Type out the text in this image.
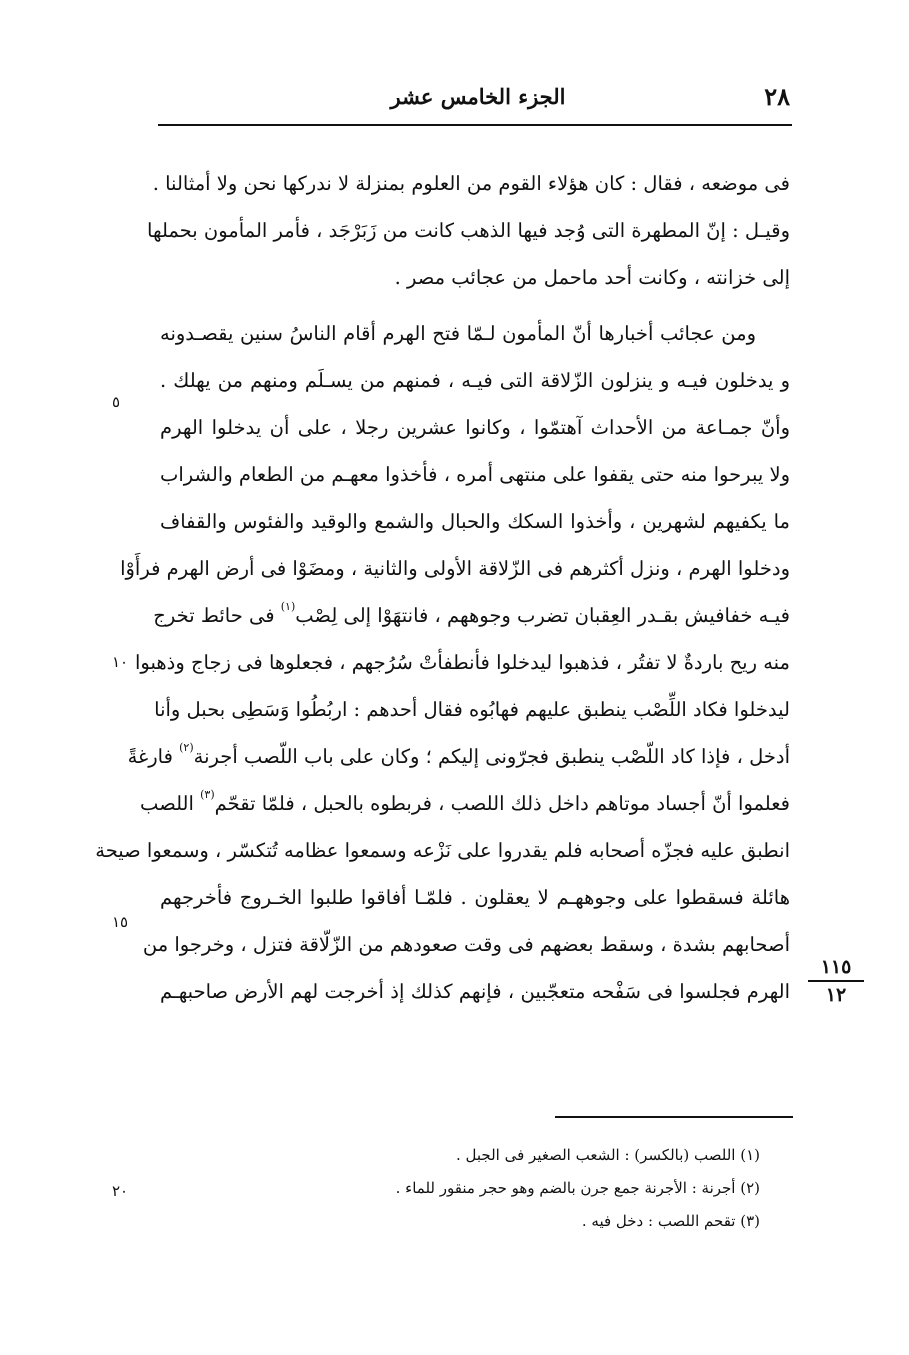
٢٨
الجزء الخامس عشر
فى موضعه ، فقال : كان هؤلاء القوم من العلوم بمنزلة لا ندركها نحن ولا أمثالنا .
وقيـل : إنّ المطهرة التى وُجد فيها الذهب كانت من زَبَرْجَد ، فأمر المأمون بحملها
إلى خزانته ، وكانت أحد ماحمل من عجائب مصر .
ومن عجائب أخبارها أنّ المأمون لـمّا فتح الهرم أقام الناسُ سنين يقصـدونه
و يدخلون فيـه و ينزلون الزّلاقة التى فيـه ، فمنهم من يسـلَم ومنهم من يهلك .
وأنّ جمـاعة من الأحداث آهتمّوا ، وكانوا عشرين رجلا ، على أن يدخلوا الهرم
ولا يبرحوا منه حتى يقفوا على منتهى أمره ، فأخذوا معهـم من الطعام والشراب
ما يكفيهم لشهرين ، وأخذوا السكك والحبال والشمع والوقيد والفئوس والقفاف
ودخلوا الهرم ، ونزل أكثرهم فى الزّلاقة الأولى والثانية ، ومضَوْا فى أرض الهرم فرأَوْا
فيـه خفافيش بقـدر العِقبان تضرب وجوههم ، فانتهَوْا إلى لِصْب$^{(١)}$ فى حائط تخرج
منه ريح باردةٌ لا تفتُر ، فذهبوا ليدخلوا فأنطفأتْ سُرُجهم ، فجعلوها فى زجاج وذهبوا
ليدخلوا فكاد اللِّصْب ينطبق عليهم فهابُوه فقال أحدهم : اربُطُوا وَسَطِى بحبل وأنا
أدخل ، فإذا كاد اللّصْب ينطبق فجرّونى إليكم ؛ وكان على باب اللّصب أجرنة$^{(٢)}$ فارغةً
فعلموا أنّ أجساد موتاهم داخل ذلك اللصب ، فربطوه بالحبل ، فلمّا تقحّم$^{(٣)}$ اللصب
انطبق عليه فجزّه أصحابه فلم يقدروا على نَزْعه وسمعوا عظامه تُتكسّر ، وسمعوا صيحة
هائلة فسقطوا على وجوههـم لا يعقلون . فلمّـا أفاقوا طلبوا الخـروج فأخرجهم
أصحابهم بشدة ، وسقط بعضهم فى وقت صعودهم من الزّلّاقة فتزل ، وخرجوا من
الهرم فجلسوا فى سَفْحه متعجّبين ، فإنهم كذلك إذ أخرجت لهم الأرض صاحبهـم
٥
١٠
١٥
٢٠
١١٥
١٢
(١) اللصب (بالكسر) : الشعب الصغير فى الجبل .
(٢) أجرنة : الأجرنة جمع جرن بالضم وهو حجر منقور للماء .
(٣) تقحم اللصب : دخل فيه .
